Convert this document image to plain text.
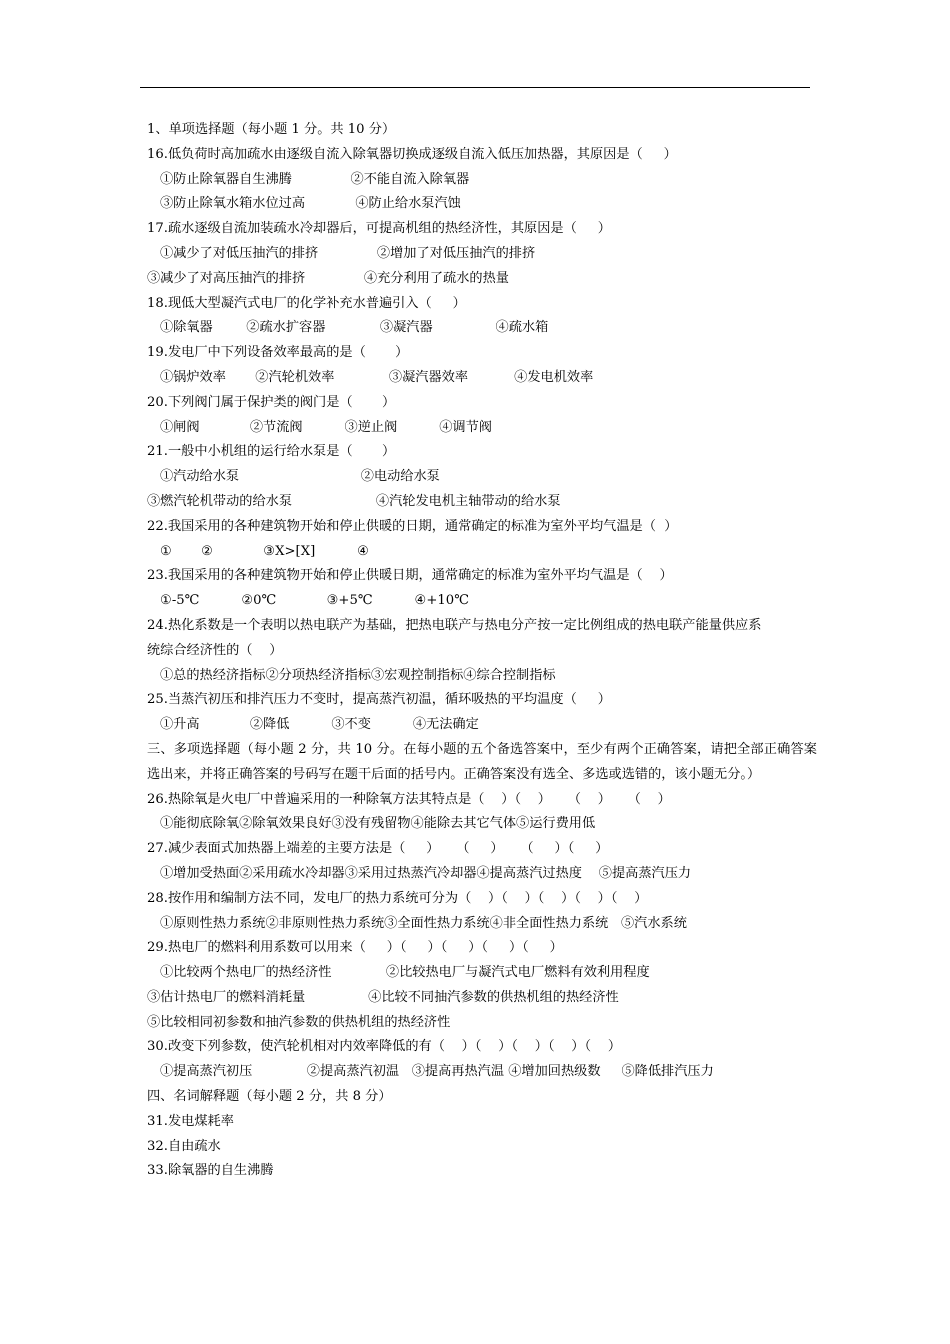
1、单项选择题（每小题 1 分。共 10 分）
16.低负荷时高加疏水由逐级自流入除氧器切换成逐级自流入低压加热器，其原因是（     ）
①防止除氧器自生沸腾              ②不能自流入除氧器
③防止除氧水箱水位过高            ④防止给水泵汽蚀
17.疏水逐级自流加装疏水冷却器后，可提高机组的热经济性，其原因是（     ）
①减少了对低压抽汽的排挤              ②增加了对低压抽汽的排挤
③减少了对高压抽汽的排挤              ④充分利用了疏水的热量
18.现低大型凝汽式电厂的化学补充水普遍引入（     ）
①除氧器        ②疏水扩容器             ③凝汽器               ④疏水箱
19.发电厂中下列设备效率最高的是（       ）
①锅炉效率       ②汽轮机效率             ③凝汽器效率           ④发电机效率
20.下列阀门属于保护类的阀门是（       ）
①闸阀            ②节流阀          ③逆止阀          ④调节阀
21.一般中小机组的运行给水泵是（       ）
①汽动给水泵                             ②电动给水泵
③燃汽轮机带动的给水泵                    ④汽轮发电机主轴带动的给水泵
22.我国采用的各种建筑物开始和停止供暖的日期，通常确定的标准为室外平均气温是（  ）
①       ②            ③X>[X]          ④
23.我国采用的各种建筑物开始和停止供暖日期，通常确定的标准为室外平均气温是（    ）
①-5℃          ②0℃            ③+5℃          ④+10℃
24.热化系数是一个表明以热电联产为基础，把热电联产与热电分产按一定比例组成的热电联产能量供应系
统综合经济性的（    ）
①总的热经济指标②分项热经济指标③宏观控制指标④综合控制指标
25.当蒸汽初压和排汽压力不变时，提高蒸汽初温，循环吸热的平均温度（     ）
①升高            ②降低          ③不变          ④无法确定
三、多项选择题（每小题 2 分，共 10 分。在每小题的五个备选答案中，至少有两个正确答案，请把全部正确答案选出来，并将正确答案的号码写在题干后面的括号内。正确答案没有选全、多选或选错的，该小题无分。）
26.热除氧是火电厂中普遍采用的一种除氧方法其特点是（    ）（    ）    （    ）    （    ）
①能彻底除氧②除氧效果良好③没有残留物④能除去其它气体⑤运行费用低
27.减少表面式加热器上端差的主要方法是（     ）    （     ）    （     ）（     ）
①增加受热面②采用疏水冷却器③采用过热蒸汽冷却器④提高蒸汽过热度    ⑤提高蒸汽压力
28.按作用和编制方法不同，发电厂的热力系统可分为（    ）（    ）（    ）（    ）（    ）
①原则性热力系统②非原则性热力系统③全面性热力系统④非全面性热力系统   ⑤汽水系统
29.热电厂的燃料利用系数可以用来（     ）（     ）（     ）（     ）（     ）
①比较两个热电厂的热经济性             ②比较热电厂与凝汽式电厂燃料有效利用程度
③估计热电厂的燃料消耗量               ④比较不同抽汽参数的供热机组的热经济性
⑤比较相同初参数和抽汽参数的供热机组的热经济性
30.改变下列参数，使汽轮机相对内效率降低的有（    ）（    ）（    ）（    ）（    ）
①提高蒸汽初压             ②提高蒸汽初温   ③提高再热汽温 ④增加回热级数     ⑤降低排汽压力
四、名词解释题（每小题 2 分，共 8 分）
31.发电煤耗率
32.自由疏水
33.除氧器的自生沸腾
